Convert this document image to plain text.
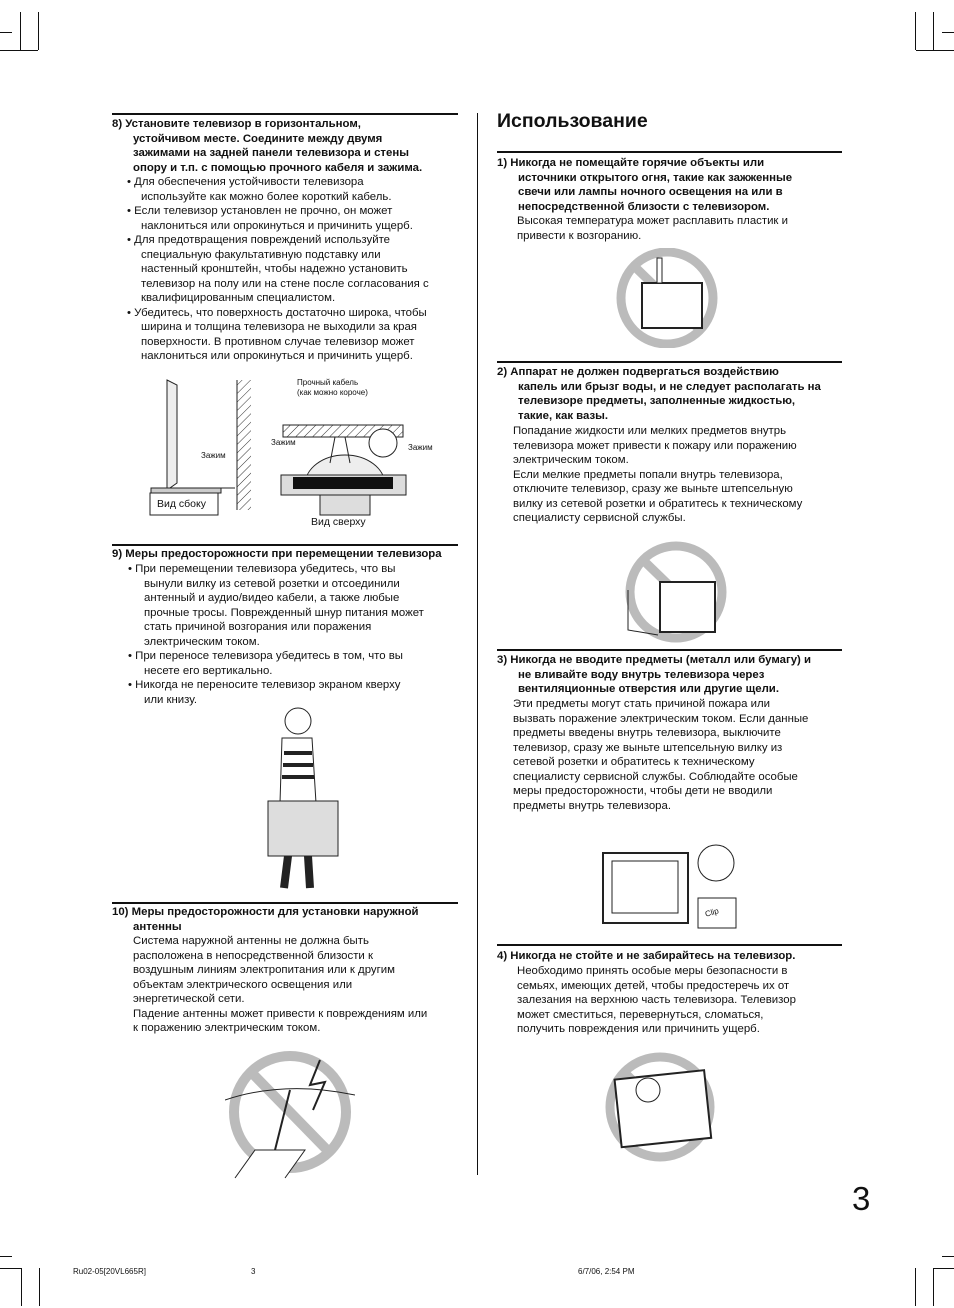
8) Установите телевизор в горизонтальном,
устойчивом месте. Соедините между двумя
зажимами на задней панели телевизора и стены
опору и т.п. с помощью прочного кабеля и зажима.
• Для обеспечения устойчивости телевизора
используйте как можно более короткий кабель.
• Если телевизор установлен не прочно, он может
наклониться или опрокинуться и причинить ущерб.
• Для предотвращения повреждений используйте
специальную факультативную подставку или
настенный кронштейн, чтобы надежно установить
телевизор на полу или на стене после согласования с
квалифицированным специалистом.
• Убедитесь, что поверхность достаточно широка, чтобы
ширина и толщина телевизора не выходили за края
поверхности. В противном случае телевизор может
наклониться или опрокинуться и причинить ущерб.
Зажим
Вид сбоку
Прочный кабель
(как можно короче)
Зажим
Зажим
Вид сверху
9) Меры предосторожности при перемещении телевизора
• При перемещении телевизора убедитесь, что вы
вынули вилку из сетевой розетки и отсоединили
антенный и аудио/видео кабели, а также любые
прочные тросы. Поврежденный шнур питания может
стать причиной возгорания или поражения
электрическим током.
• При переносе телевизора убедитесь в том, что вы
несете его вертикально.
• Никогда не переносите телевизор экраном кверху
или книзу.
10) Меры предосторожности для установки наружной
антенны
Система наружной антенны не должна быть
расположена в непосредственной близости к
воздушным линиям электропитания или к другим
объектам электрического освещения или
энергетической сети.
Падение антенны может привести к повреждениям или
к поражению электрическим током.
Использование
1) Никогда не помещайте горячие объекты или
источники открытого огня, такие как зажженные
свечи или лампы ночного освещения на или в
непосредственной близости с телевизором.
Высокая температура может расплавить пластик и
привести к возгоранию.
2) Аппарат не должен подвергаться воздействию
капель или брызг воды, и не следует располагать на
телевизоре предметы, заполненные жидкостью,
такие, как вазы.
Попадание жидкости или мелких предметов внутрь
телевизора может привести к пожару или поражению
электрическим током.
Если мелкие предметы попали внутрь телевизора,
отключите телевизор, сразу же выньте штепсельную
вилку из сетевой розетки и обратитесь к техническому
специалисту сервисной службы.
3) Никогда не вводите предметы (металл или бумагу) и
не вливайте воду внутрь телевизора через
вентиляционные отверстия или другие щели.
Эти предметы могут стать причиной пожара или
вызвать поражение электрическим током. Если данные
предметы введены внутрь телевизора, выключите
телевизор, сразу же выньте штепсельную вилку из
сетевой розетки и обратитесь к техническому
специалисту сервисной службы. Соблюдайте особые
меры предосторожности, чтобы дети не вводили
предметы внутрь телевизора.
Clip
4) Никогда не стойте и не забирайтесь на телевизор.
Необходимо принять особые меры безопасности в
семьях, имеющих детей, чтобы предостеречь их от
залезания на верхнюю часть телевизора. Телевизор
может сместиться, перевернуться, сломаться,
получить повреждения или причинить ущерб.
3
Ru02-05[20VL665R]	3	6/7/06, 2:54 PM
